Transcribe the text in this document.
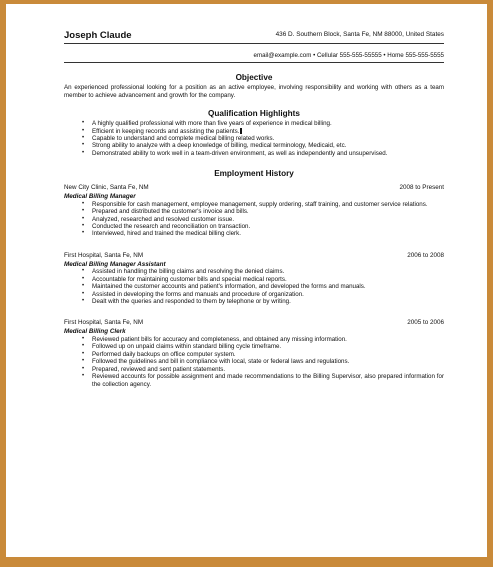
Joseph Claude	436 D. Southern Block, Santa Fe, NM 88000, United States
email@example.com • Cellular 555-555-55555 • Home 555-555-5555
Objective

An experienced professional looking for a position as an active employee, involving responsibility and working with others as a team member to achieve advancement and growth for the company.

Qualification Highlights
• A highly qualified professional with more than five years of experience in medical billing.
• Efficient in keeping records and assisting the patients.
• Capable to understand and complete medical billing related works.
• Strong ability to analyze with a deep knowledge of billing, medical terminology, Medicaid, etc.
• Demonstrated ability to work well in a team-driven environment, as well as independently and unsupervised.
Employment History
New City Clinic, Santa Fe, NM	2008 to Present
Medical Billing Manager
• Responsible for cash management, employee management, supply ordering, staff training, and customer service relations.
• Prepared and distributed the customer's invoice and bills.
• Analyzed, researched and resolved customer issue.
• Conducted the research and reconciliation on transaction.
• Interviewed, hired and trained the medical billing clerk.
First Hospital, Santa Fe, NM	2006 to 2008
Medical Billing Manager Assistant
• Assisted in handling the billing claims and resolving the denied claims.
• Accountable for maintaining customer bills and special medical reports.
• Maintained the customer accounts and patient's information, and developed the forms and manuals.
• Assisted in developing the forms and manuals and procedure of organization.
• Dealt with the queries and responded to them by telephone or by writing.
First Hospital, Santa Fe, NM	2005 to 2006
Medical Billing Clerk
• Reviewed patient bills for accuracy and completeness, and obtained any missing information.
• Followed up on unpaid claims within standard billing cycle timeframe.
• Performed daily backups on office computer system.
• Followed the guidelines and bill in compliance with local, state or federal laws and regulations.
• Prepared, reviewed and sent patient statements.
• Reviewed accounts for possible assignment and made recommendations to the Billing Supervisor, also prepared information for the collection agency.
